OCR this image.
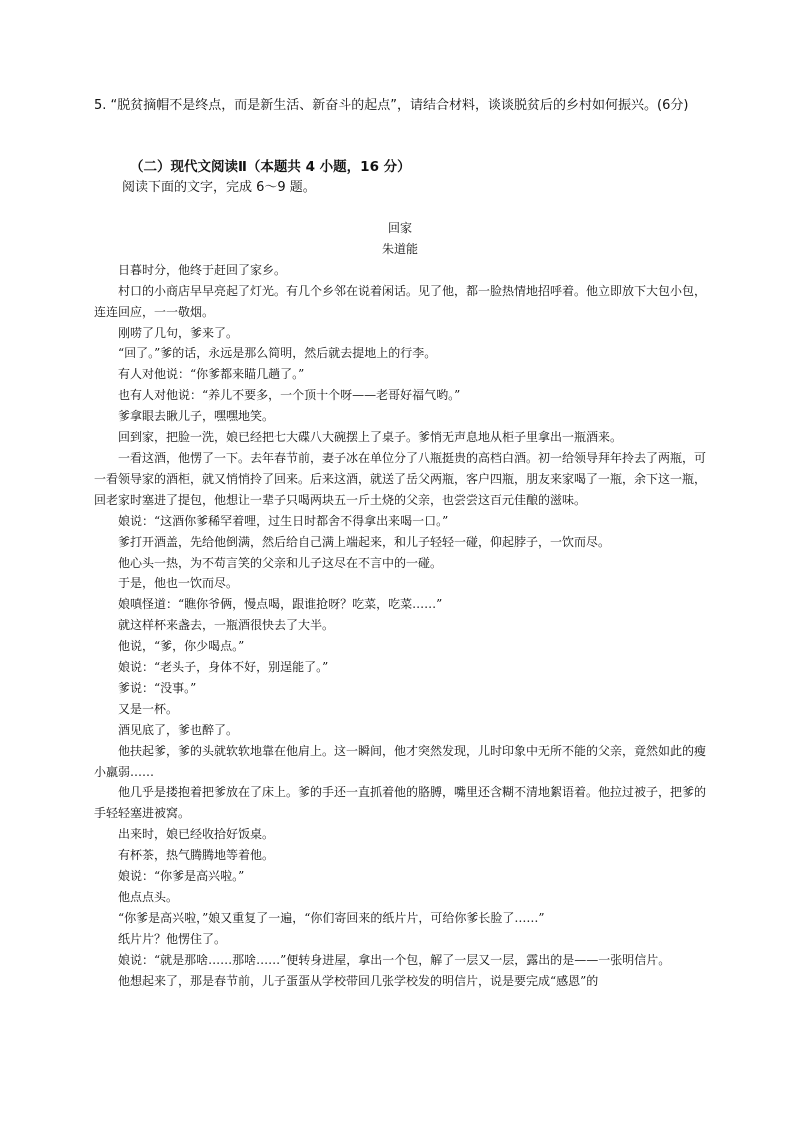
5. “脱贫摘帽不是终点，而是新生活、新奋斗的起点”，请结合材料，谈谈脱贫后的乡村如何振兴。(6分)
（二）现代文阅读Ⅱ（本题共 4 小题，16 分）
阅读下面的文字，完成 6～9 题。

回家

朱道能

日暮时分，他终于赶回了家乡。

村口的小商店早早亮起了灯光。有几个乡邻在说着闲话。见了他，都一脸热情地招呼着。他立即放下大包小包，连连回应，一一敬烟。

刚唠了几句，爹来了。

“回了。”爹的话，永远是那么简明，然后就去提地上的行李。

有人对他说：“你爹都来瞄几趟了。”

也有人对他说：“养儿不要多，一个顶十个呀——老哥好福气哟。”

爹拿眼去瞅儿子，嘿嘿地笑。

回到家，把脸一洗，娘已经把七大碟八大碗摆上了桌子。爹悄无声息地从柜子里拿出一瓶酒来。

一看这酒，他愣了一下。去年春节前，妻子冰在单位分了八瓶挺贵的高档白酒。初一给领导拜年拎去了两瓶，可一看领导家的酒柜，就又悄悄拎了回来。后来这酒，就送了岳父两瓶，客户四瓶，朋友来家喝了一瓶，余下这一瓶，回老家时塞进了提包，他想让一辈子只喝两块五一斤土烧的父亲，也尝尝这百元佳酿的滋味。

娘说：“这酒你爹稀罕着哩，过生日时都舍不得拿出来喝一口。”

爹打开酒盖，先给他倒满，然后给自己满上端起来，和儿子轻轻一碰，仰起脖子，一饮而尽。

他心头一热，为不苟言笑的父亲和儿子这尽在不言中的一碰。

于是，他也一饮而尽。

娘嗔怪道：“瞧你爷俩，慢点喝，跟谁抢呀？吃菜，吃菜……”

就这样杯来盏去，一瓶酒很快去了大半。

他说，“爹，你少喝点。”

娘说：“老头子，身体不好，别逞能了。”

爹说：“没事。”

又是一杯。

酒见底了，爹也醉了。

他扶起爹，爹的头就软软地靠在他肩上。这一瞬间，他才突然发现，儿时印象中无所不能的父亲，竟然如此的瘦小羸弱……

他几乎是搂抱着把爹放在了床上。爹的手还一直抓着他的胳膊，嘴里还含糊不清地絮语着。他拉过被子，把爹的手轻轻塞进被窝。

出来时，娘已经收拾好饭桌。

有杯茶，热气腾腾地等着他。

娘说：“你爹是高兴啦。”

他点点头。

“你爹是高兴啦，”娘又重复了一遍，“你们寄回来的纸片片，可给你爹长脸了……”

纸片片？他愣住了。

娘说：“就是那啥……那啥……”便转身进屋，拿出一个包，解了一层又一层，露出的是——一张明信片。

他想起来了，那是春节前，儿子蛋蛋从学校带回几张学校发的明信片，说是要完成“感恩”的
